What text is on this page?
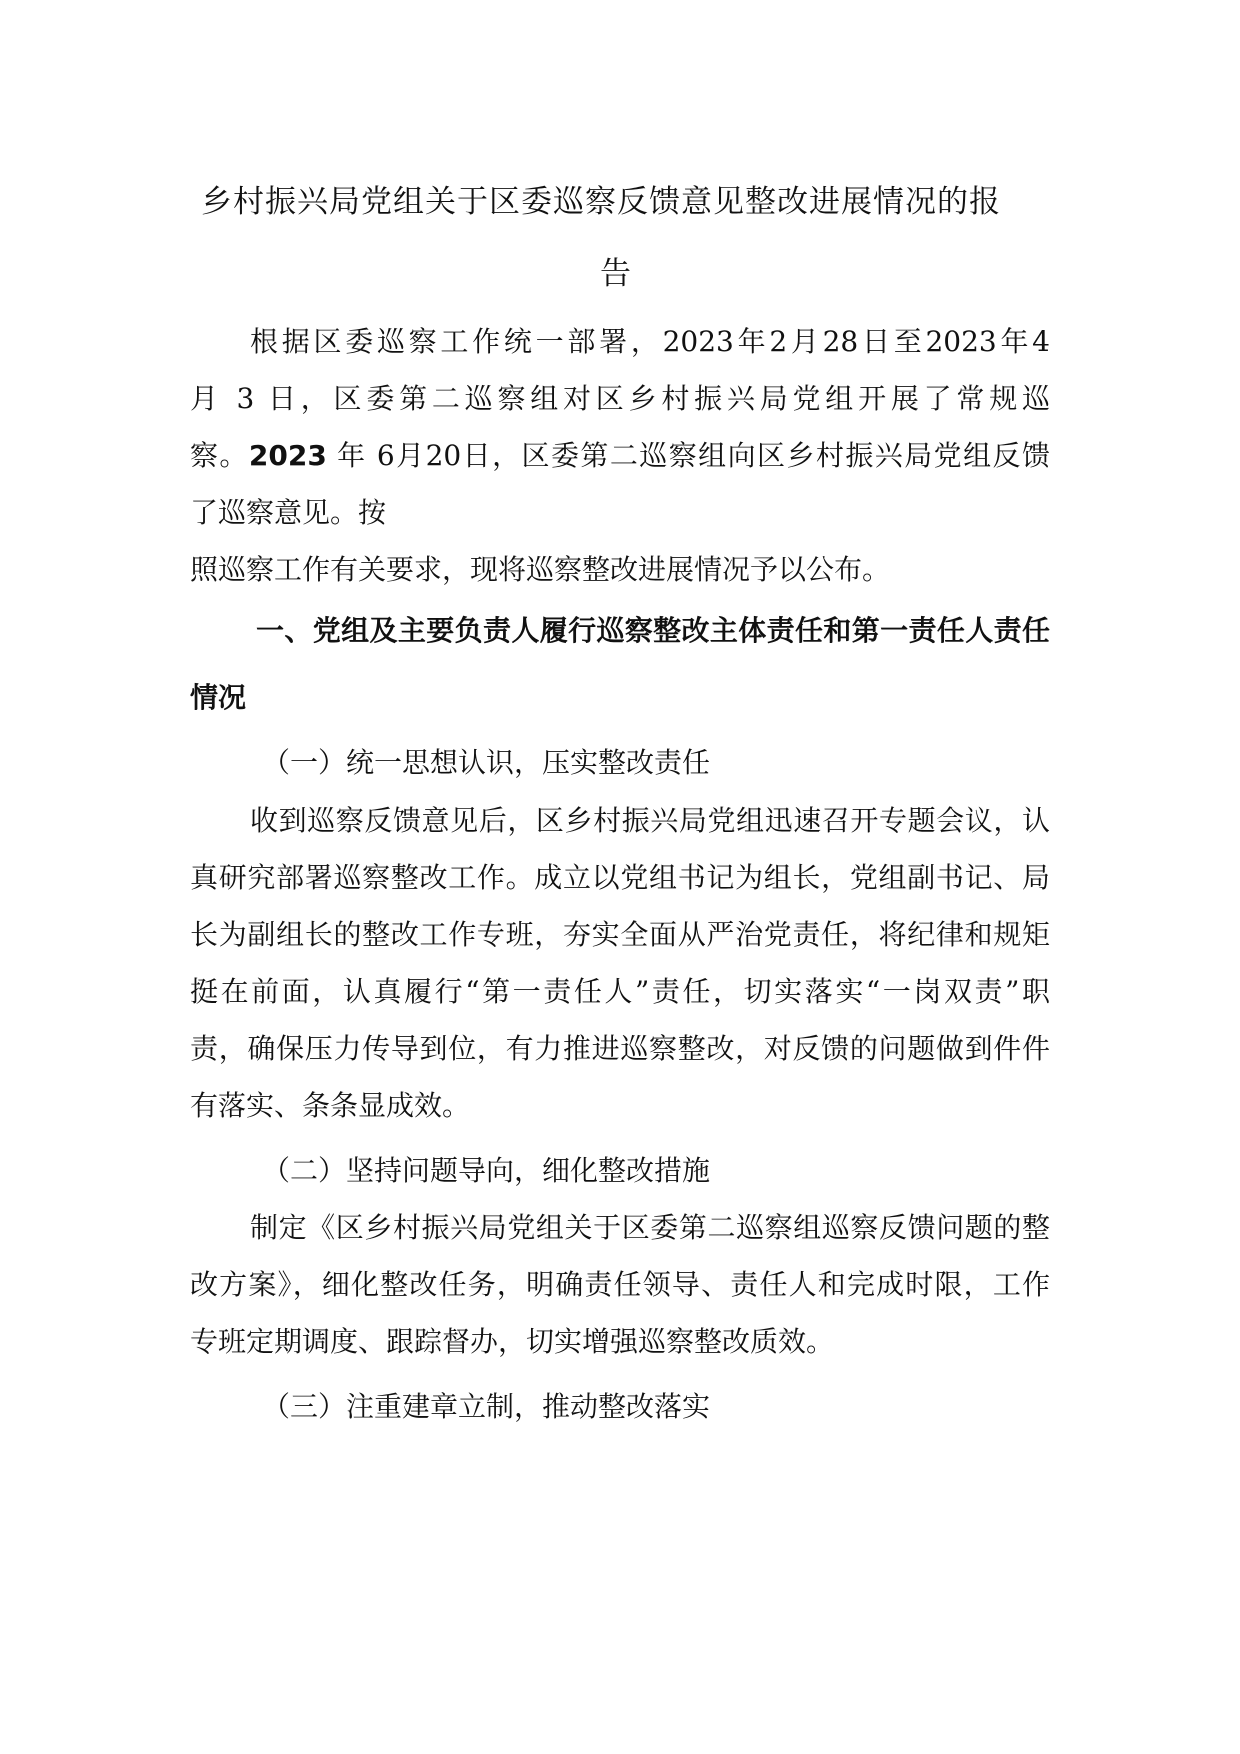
乡村振兴局党组关于区委巡察反馈意见整改进展情况的报
告
根据区委巡察工作统一部署，2023年2月28日至2023年4
月 3 日，区委第二巡察组对区乡村振兴局党组开展了常规巡
察。2023 年 6月20日，区委第二巡察组向区乡村振兴局党组反馈
了巡察意见。按
照巡察工作有关要求，现将巡察整改进展情况予以公布。
一、党组及主要负责人履行巡察整改主体责任和第一责任人责任
情况
（一）统一思想认识，压实整改责任
收到巡察反馈意见后，区乡村振兴局党组迅速召开专题会议，认
真研究部署巡察整改工作。成立以党组书记为组长，党组副书记、局
长为副组长的整改工作专班，夯实全面从严治党责任，将纪律和规矩
挺在前面，认真履行“第一责任人”责任，切实落实“一岗双责”职
责，确保压力传导到位，有力推进巡察整改，对反馈的问题做到件件
有落实、条条显成效。
（二）坚持问题导向，细化整改措施
制定《区乡村振兴局党组关于区委第二巡察组巡察反馈问题的整
改方案》，细化整改任务，明确责任领导、责任人和完成时限，工作
专班定期调度、跟踪督办，切实增强巡察整改质效。
（三）注重建章立制，推动整改落实
